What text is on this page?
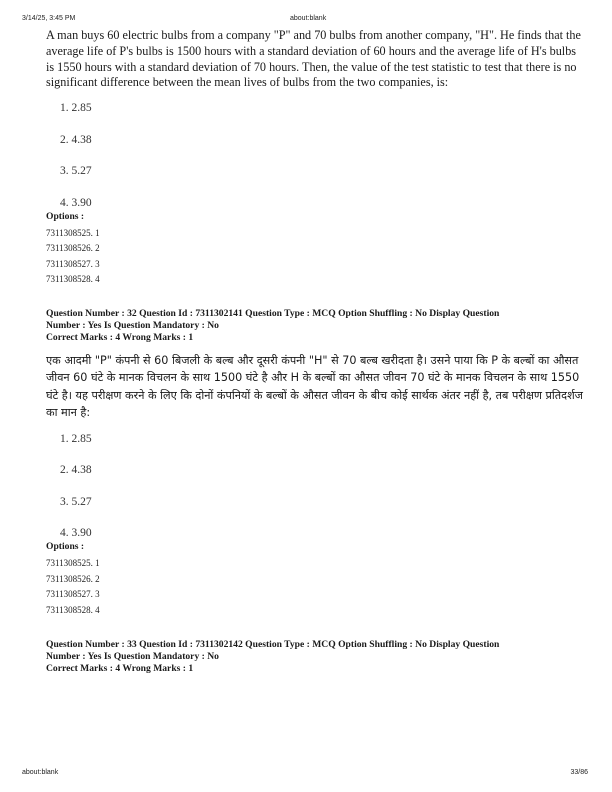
3/14/25, 3:45 PM	about:blank

A man buys 60 electric bulbs from a company "P" and 70 bulbs from another company, "H". He finds that the average life of P's bulbs is 1500 hours with a standard deviation of 60 hours and the average life of H's bulbs is 1550 hours with a standard deviation of 70 hours. Then, the value of the test statistic to test that there is no significant difference between the mean lives of bulbs from the two companies, is:

1. 2.85
2. 4.38
3. 5.27
4. 3.90
Options :
7311308525. 1
7311308526. 2
7311308527. 3
7311308528. 4

Question Number : 32 Question Id : 7311302141 Question Type : MCQ Option Shuffling : No Display Question

Number : Yes Is Question Mandatory : No

Correct Marks : 4 Wrong Marks : 1

एक आदमी "P" कंपनी से 60 बिजली के बल्ब और दूसरी कंपनी "H" से 70 बल्ब खरीदता है। उसने पाया कि P के बल्बों का औसत जीवन 60 घंटे के मानक विचलन के साथ 1500 घंटे है और H के बल्बों का औसत जीवन 70 घंटे के मानक विचलन के साथ 1550 घंटे है। यह परीक्षण करने के लिए कि दोनों कंपनियों के बल्बों के औसत जीवन के बीच कोई सार्थक अंतर नहीं है, तब परीक्षण प्रतिदर्शज का मान है:

1. 2.85
2. 4.38
3. 5.27
4. 3.90
Options :
7311308525. 1
7311308526. 2
7311308527. 3
7311308528. 4

Question Number : 33 Question Id : 7311302142 Question Type : MCQ Option Shuffling : No Display Question

Number : Yes Is Question Mandatory : No

Correct Marks : 4 Wrong Marks : 1

about:blank	33/86
